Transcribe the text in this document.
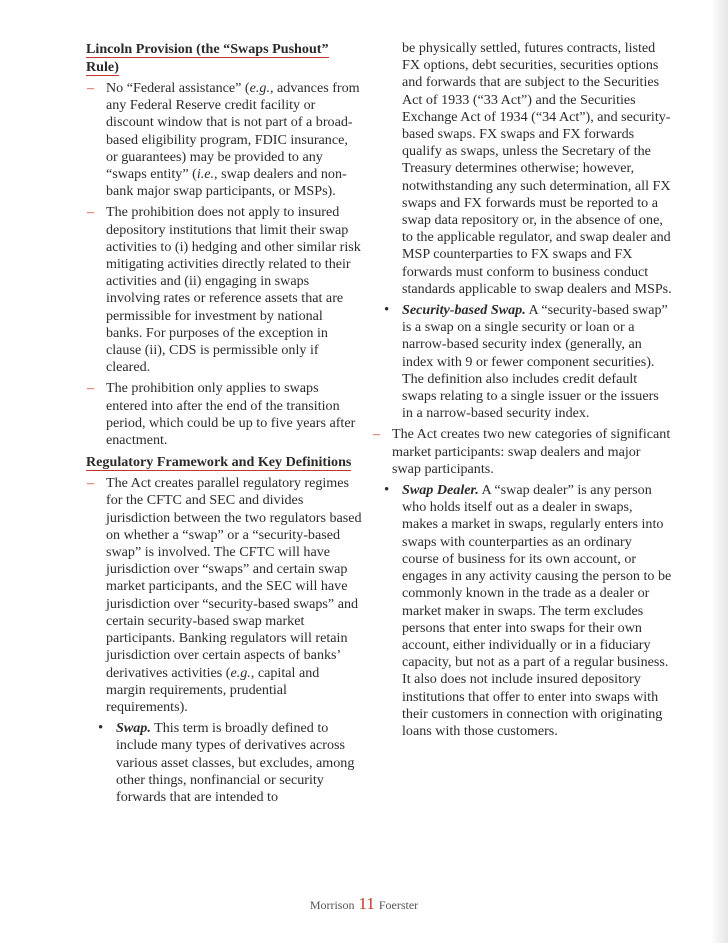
Lincoln Provision (the “Swaps Pushout” Rule)
– No “Federal assistance” (e.g., advances from any Federal Reserve credit facility or discount window that is not part of a broad-based eligibility program, FDIC insurance, or guarantees) may be provided to any “swaps entity” (i.e., swap dealers and non-bank major swap participants, or MSPs).
– The prohibition does not apply to insured depository institutions that limit their swap activities to (i) hedging and other similar risk mitigating activities directly related to their activities and (ii) engaging in swaps involving rates or reference assets that are permissible for investment by national banks. For purposes of the exception in clause (ii), CDS is permissible only if cleared.
– The prohibition only applies to swaps entered into after the end of the transition period, which could be up to five years after enactment.
Regulatory Framework and Key Definitions
– The Act creates parallel regulatory regimes for the CFTC and SEC and divides jurisdiction between the two regulators based on whether a “swap” or a “security-based swap” is involved. The CFTC will have jurisdiction over “swaps” and certain swap market participants, and the SEC will have jurisdiction over “security-based swaps” and certain security-based swap market participants. Banking regulators will retain jurisdiction over certain aspects of banks’ derivatives activities (e.g., capital and margin requirements, prudential requirements).
• Swap. This term is broadly defined to include many types of derivatives across various asset classes, but excludes, among other things, nonfinancial or security forwards that are intended to
be physically settled, futures contracts, listed FX options, debt securities, securities options and forwards that are subject to the Securities Act of 1933 (“33 Act”) and the Securities Exchange Act of 1934 (“34 Act”), and security-based swaps. FX swaps and FX forwards qualify as swaps, unless the Secretary of the Treasury determines otherwise; however, notwithstanding any such determination, all FX swaps and FX forwards must be reported to a swap data repository or, in the absence of one, to the applicable regulator, and swap dealer and MSP counterparties to FX swaps and FX forwards must conform to business conduct standards applicable to swap dealers and MSPs.
• Security-based Swap. A “security-based swap” is a swap on a single security or loan or a narrow-based security index (generally, an index with 9 or fewer component securities). The definition also includes credit default swaps relating to a single issuer or the issuers in a narrow-based security index.
– The Act creates two new categories of significant market participants: swap dealers and major swap participants.
• Swap Dealer. A “swap dealer” is any person who holds itself out as a dealer in swaps, makes a market in swaps, regularly enters into swaps with counterparties as an ordinary course of business for its own account, or engages in any activity causing the person to be commonly known in the trade as a dealer or market maker in swaps. The term excludes persons that enter into swaps for their own account, either individually or in a fiduciary capacity, but not as a part of a regular business. It also does not include insured depository institutions that offer to enter into swaps with their customers in connection with originating loans with those customers.
Morrison 11 Foerster
